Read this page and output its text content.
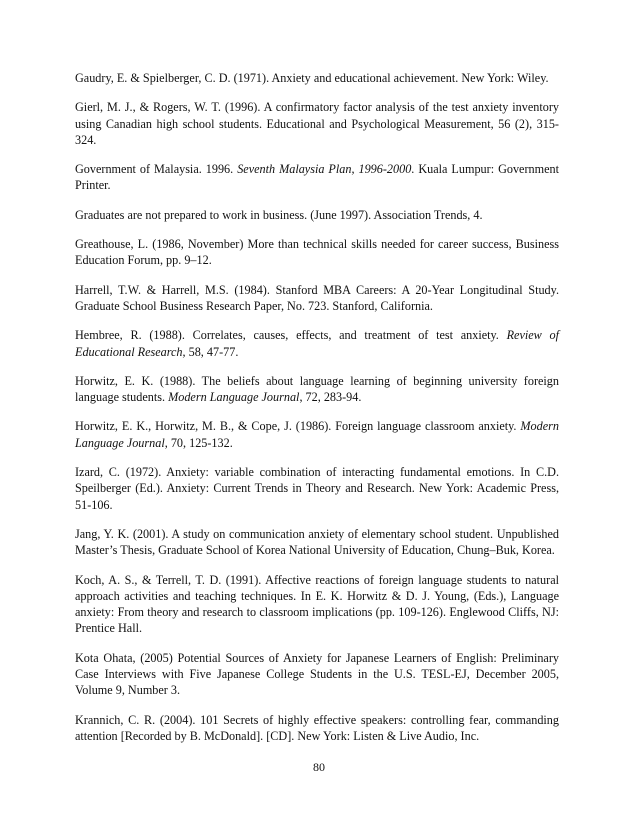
Gaudry, E. & Spielberger, C. D. (1971). Anxiety and educational achievement. New York: Wiley.

Gierl, M. J., & Rogers, W. T. (1996). A confirmatory factor analysis of the test anxiety inventory using Canadian high school students. Educational and Psychological Measurement, 56 (2), 315-324.

Government of Malaysia. 1996. Seventh Malaysia Plan, 1996-2000. Kuala Lumpur: Government Printer.

Graduates are not prepared to work in business. (June 1997). Association Trends, 4.

Greathouse, L. (1986, November) More than technical skills needed for career success, Business Education Forum, pp. 9–12.

Harrell, T.W. & Harrell, M.S. (1984). Stanford MBA Careers: A 20-Year Longitudinal Study. Graduate School Business Research Paper, No. 723. Stanford, California.

Hembree, R. (1988). Correlates, causes, effects, and treatment of test anxiety. Review of Educational Research, 58, 47-77.

Horwitz, E. K. (1988). The beliefs about language learning of beginning university foreign language students. Modern Language Journal, 72, 283-94.

Horwitz, E. K., Horwitz, M. B., & Cope, J. (1986). Foreign language classroom anxiety. Modern Language Journal, 70, 125-132.

Izard, C. (1972). Anxiety: variable combination of interacting fundamental emotions. In C.D. Speilberger (Ed.). Anxiety: Current Trends in Theory and Research. New York: Academic Press, 51-106.

Jang, Y. K. (2001). A study on communication anxiety of elementary school student. Unpublished Master’s Thesis, Graduate School of Korea National University of Education, Chung–Buk, Korea.

Koch, A. S., & Terrell, T. D. (1991). Affective reactions of foreign language students to natural approach activities and teaching techniques. In E. K. Horwitz & D. J. Young, (Eds.), Language anxiety: From theory and research to classroom implications (pp. 109-126). Englewood Cliffs, NJ: Prentice Hall.

Kota Ohata, (2005) Potential Sources of Anxiety for Japanese Learners of English: Preliminary Case Interviews with Five Japanese College Students in the U.S. TESL-EJ, December 2005, Volume 9, Number 3.

Krannich, C. R. (2004). 101 Secrets of highly effective speakers: controlling fear, commanding attention [Recorded by B. McDonald]. [CD]. New York: Listen & Live Audio, Inc.

80
